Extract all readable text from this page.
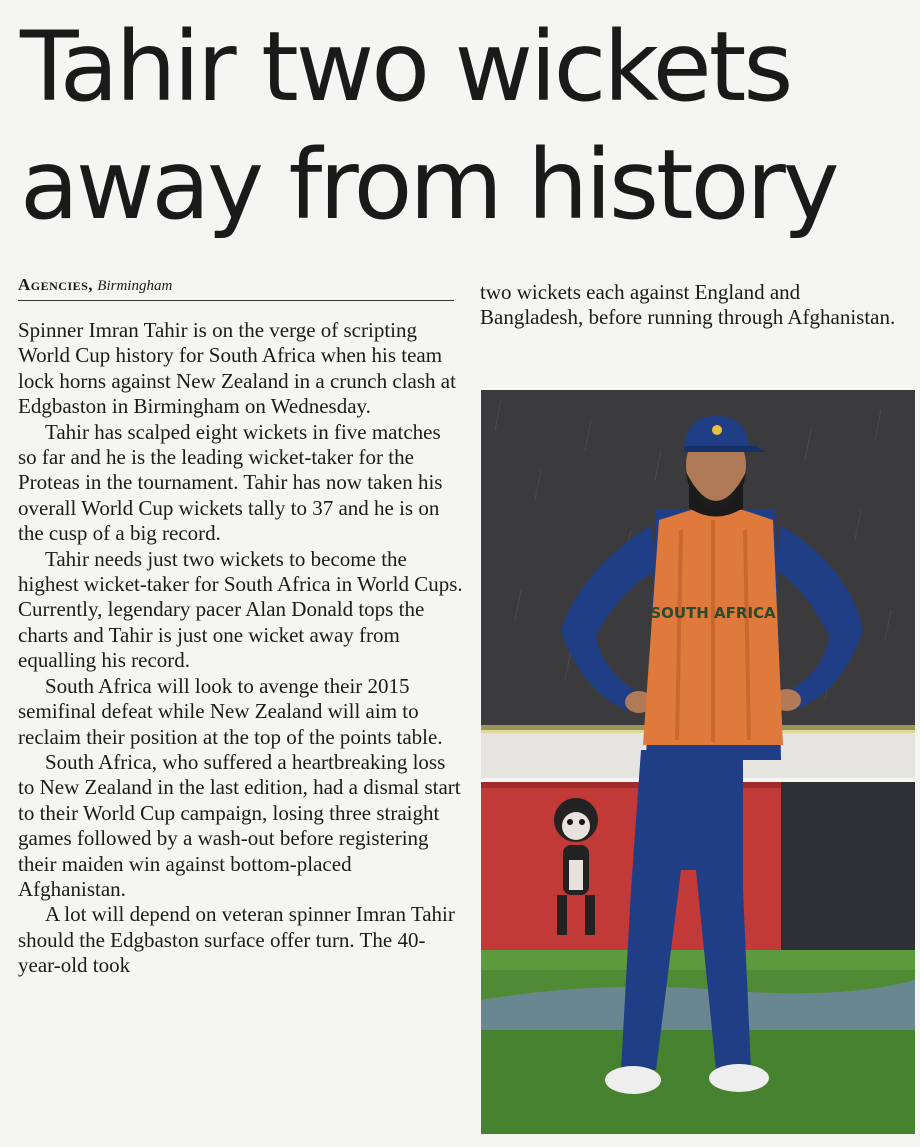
Tahir two wickets
away from history
Agencies, Birmingham

Spinner Imran Tahir is on the verge of scripting World Cup history for South Africa when his team lock horns against New Zealand in a crunch clash at Edgbaston in Birmingham on Wednesday.

Tahir has scalped eight wickets in five matches so far and he is the leading wicket-taker for the Proteas in the tournament. Tahir has now taken his overall World Cup wickets tally to 37 and he is on the cusp of a big record.

Tahir needs just two wickets to become the highest wicket-taker for South Africa in World Cups. Currently, legendary pacer Alan Donald tops the charts and Tahir is just one wicket away from equalling his record.

South Africa will look to avenge their 2015 semifinal defeat while New Zealand will aim to reclaim their position at the top of the points table.

South Africa, who suffered a heartbreaking loss to New Zealand in the last edition, had a dismal start to their World Cup campaign, losing three straight games followed by a wash-out before registering their maiden win against bottom-placed Afghanistan.

A lot will depend on veteran spinner Imran Tahir should the Edgbaston surface offer turn. The 40-year-old took

two wickets each against England and Bangladesh, before running through Afghanistan.

SOUTH AFRICA
